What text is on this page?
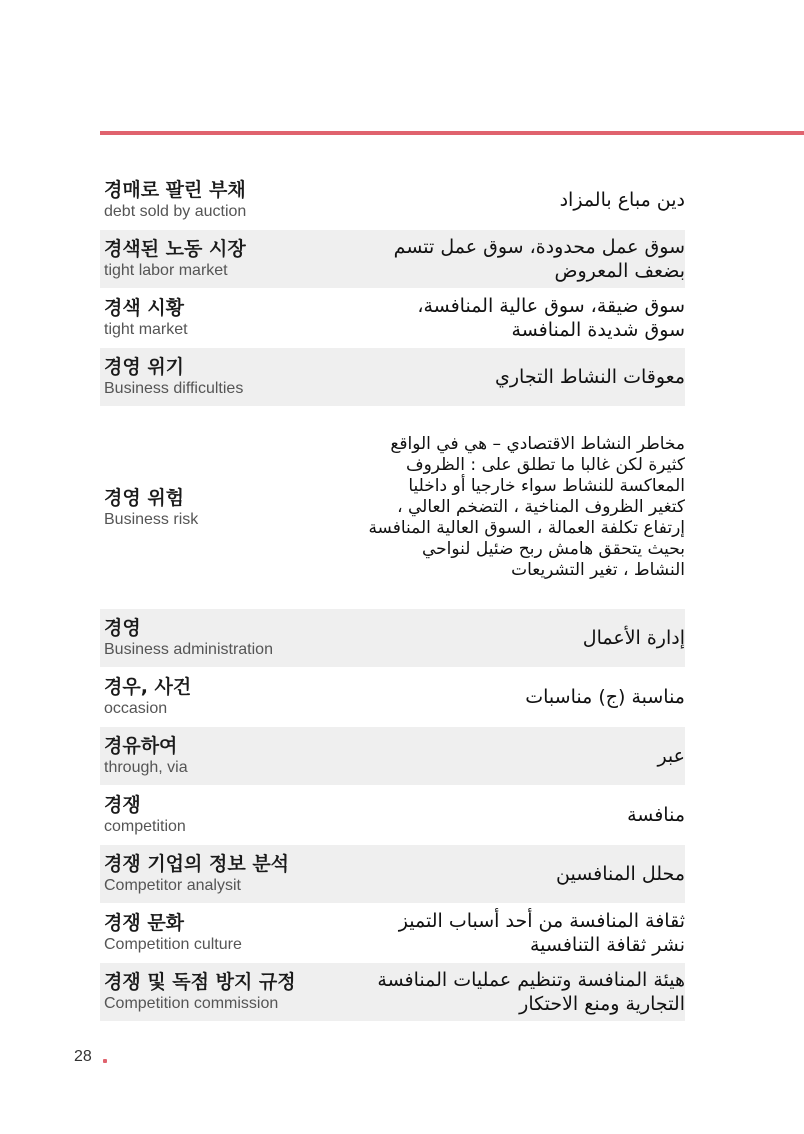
경매로 팔린 부채
debt sold by auction
دين مباع بالمزاد
경색된 노동 시장
tight labor market
سوق عمل محدودة، سوق عمل تتسم
بضعف المعروض
경색 시황
tight market
سوق ضيقة، سوق عالية المنافسة،
سوق شديدة المنافسة
경영 위기
Business difficulties
معوقات النشاط التجاري
경영 위험
Business risk
مخاطر النشاط الاقتصادي – هي في الواقع
كثيرة لكن غالبا ما تطلق على : الظروف
المعاكسة للنشاط سواء خارجيا أو داخليا
كتغير الظروف المناخية ، التضخم العالي ،
إرتفاع تكلفة العمالة ، السوق العالية المنافسة
بحيث يتحقق هامش ربح ضئيل لنواحي
النشاط ، تغير التشريعات
경영
Business administration
إدارة الأعمال
경우, 사건
occasion
مناسبة (ج) مناسبات
경유하여
through, via
عبر
경쟁
competition
منافسة
경쟁 기업의 정보 분석
Competitor analysit
محلل المنافسين
경쟁 문화
Competition culture
ثقافة المنافسة من أحد أسباب التميز
نشر ثقافة التنافسية
경쟁 및 독점 방지 규정
Competition commission
هيئة المنافسة وتنظيم عمليات المنافسة
التجارية ومنع الاحتكار
28
